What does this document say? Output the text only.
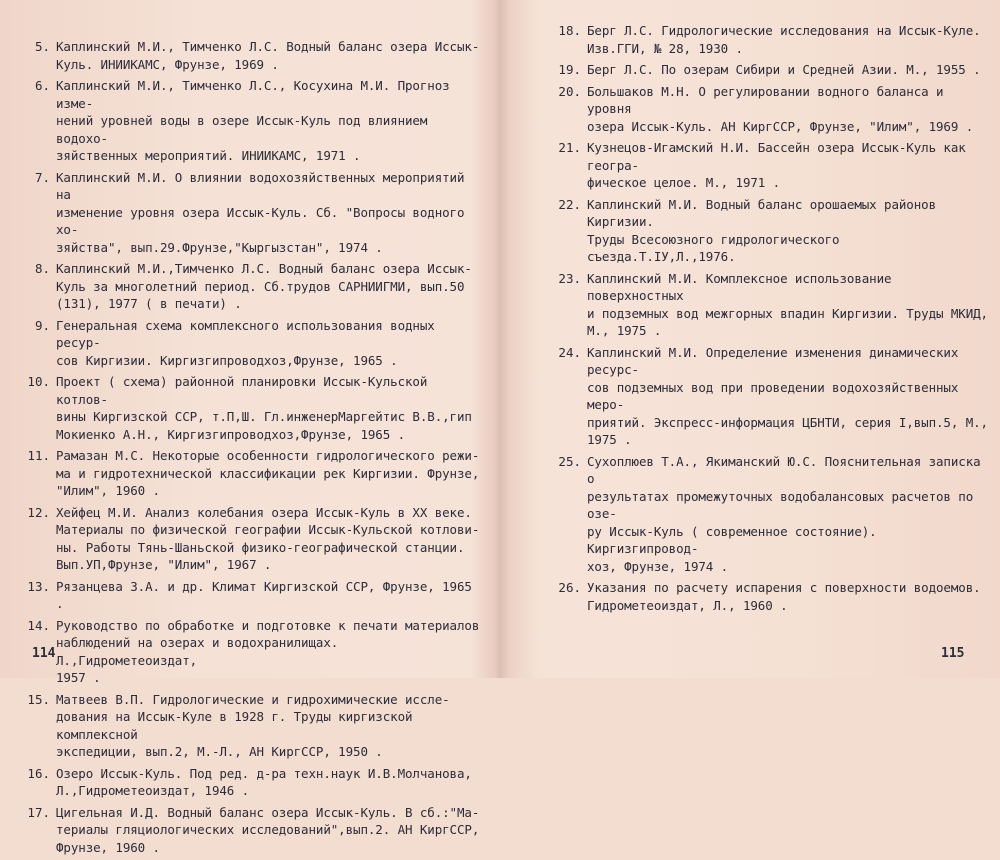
5. Каплинский М.И., Тимченко Л.С. Водный баланс озера Иссык-
Куль. ИНИИКАМС, Фрунзе, 1969 .
6. Каплинский М.И., Тимченко Л.С., Косухина М.И. Прогноз изме-
нений уровней воды в озере Иссык-Куль под влиянием водохо-
зяйственных мероприятий. ИНИИКАМС, 1971 .
7. Каплинский М.И. О влиянии водохозяйственных мероприятий на
изменение уровня озера Иссык-Куль. Сб. "Вопросы водного хо-
зяйства", вып.29.Фрунзе,"Кыргызстан", 1974 .
8. Каплинский М.И.,Тимченко Л.С. Водный баланс озера Иссык-
Куль за многолетний период. Сб.трудов САРНИИГМИ, вып.50
(131), 1977 ( в печати) .
9. Генеральная схема комплексного использования водных ресур-
сов Киргизии. Киргизгипроводхоз,Фрунзе, 1965 .
10. Проект ( схема) районной планировки Иссык-Кульской котлов-
вины Киргизской ССР, т.П,Ш. Гл.инженерМаргейтис В.В.,гип
Мокиенко А.Н., Киргизгипроводхоз,Фрунзе, 1965 .
11. Рамазан М.С. Некоторые особенности гидрологического режи-
ма и гидротехнической классификации рек Киргизии. Фрунзе,
"Илим", 1960 .
12. Хейфец М.И. Анализ колебания озера Иссык-Куль в XX веке.
Материалы по физической географии Иссык-Кульской котлови-
ны. Работы Тянь-Шаньской физико-географической станции.
Вып.УП,Фрунзе, "Илим", 1967 .
13. Рязанцева З.А. и др. Климат Киргизской ССР, Фрунзе, 1965 .
14. Руководство по обработке и подготовке к печати материалов
наблюдений на озерах и водохранилищах. Л.,Гидрометеоиздат,
1957 .
15. Матвеев В.П. Гидрологические и гидрохимические иссле-
дования на Иссык-Куле в 1928 г. Труды киргизской комплексной
экспедиции, вып.2, М.-Л., АН КиргССР, 1950 .
16. Озеро Иссык-Куль. Под ред. д-ра техн.наук И.В.Молчанова,
Л.,Гидрометеоиздат, 1946 .
17. Цигельная И.Д. Водный баланс озера Иссык-Куль. В сб.:"Ма-
териалы гляциологических исследований",вып.2. АН КиргССР,
Фрунзе, 1960 .
114
18. Берг Л.С. Гидрологические исследования на Иссык-Куле.
Изв.ГГИ, № 28, 1930 .
19. Берг Л.С. По озерам Сибири и Средней Азии. М., 1955 .
20. Большаков М.Н. О регулировании водного баланса и уровня
озера Иссык-Куль. АН КиргССР, Фрунзе, "Илим", 1969 .
21. Кузнецов-Игамский Н.И. Бассейн озера Иссык-Куль как геогра-
фическое целое. М., 1971 .
22. Каплинский М.И. Водный баланс орошаемых районов Киргизии.
Труды Всесоюзного гидрологического съезда.Т.IУ,Л.,1976.
23. Каплинский М.И. Комплексное использование поверхностных
и подземных вод межгорных впадин Киргизии. Труды МКИД,
М., 1975 .
24. Каплинский М.И. Определение изменения динамических ресурс-
сов подземных вод при проведении водохозяйственных меро-
приятий. Экспресс-информация ЦБНТИ, серия I,вып.5, М.,
1975 .
25. Сухоплюев Т.А., Якиманский Ю.С. Пояснительная записка о
результатах промежуточных водобалансовых расчетов по озе-
ру Иссык-Куль ( современное состояние). Киргизгипровод-
хоз, Фрунзе, 1974 .
26. Указания по расчету испарения с поверхности водоемов.
Гидрометеоиздат, Л., 1960 .
115
